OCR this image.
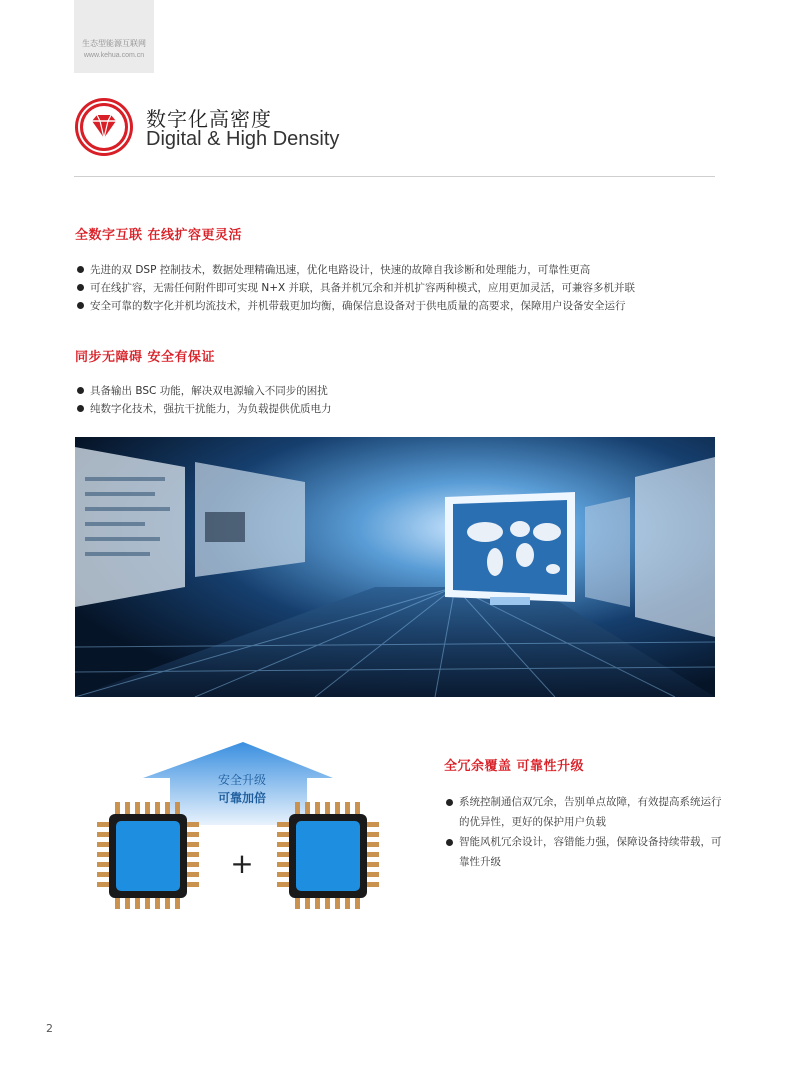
生态型能源互联网
www.kehua.com.cn
数字化高密度
Digital & High Density
全数字互联 在线扩容更灵活
先进的双 DSP 控制技术，数据处理精确迅速，优化电路设计，快速的故障自我诊断和处理能力，可靠性更高
可在线扩容，无需任何附件即可实现 N+X 并联，具备并机冗余和并机扩容两种模式，应用更加灵活，可兼容多机并联
安全可靠的数字化并机均流技术，并机带载更加均衡，确保信息设备对于供电质量的高要求，保障用户设备安全运行
同步无障碍 安全有保证
具备输出 BSC 功能，解决双电源输入不同步的困扰
纯数字化技术，强抗干扰能力，为负载提供优质电力
安全升级
可靠加倍
+
全冗余覆盖 可靠性升级
系统控制通信双冗余，告别单点故障，有效提高系统运行的优异性，更好的保护用户负载
智能风机冗余设计，容错能力强，保障设备持续带载，可靠性升级
2
